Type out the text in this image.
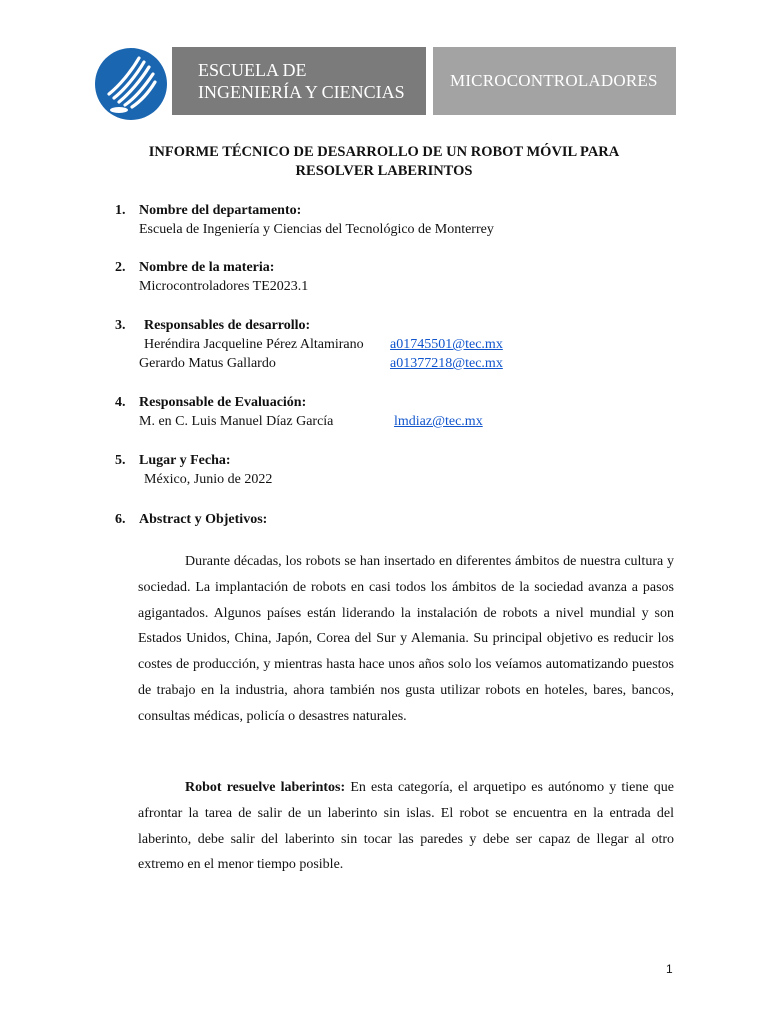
ESCUELA DE
INGENIERÍA Y CIENCIAS
MICROCONTROLADORES
INFORME TÉCNICO DE DESARROLLO DE UN ROBOT MÓVIL PARA
RESOLVER LABERINTOS
1. Nombre del departamento:
Escuela de Ingeniería y Ciencias del Tecnológico de Monterrey
2. Nombre de la materia:
Microcontroladores TE2023.1
3. Responsables de desarrollo:
Heréndira Jacqueline Pérez Altamirano a01745501@tec.mx
Gerardo Matus Gallardo	a01377218@tec.mx
4. Responsable de Evaluación:
M. en C. Luis Manuel Díaz García	lmdiaz@tec.mx
5. Lugar y Fecha:
México, Junio de 2022
6. Abstract y Objetivos:
Durante décadas, los robots se han insertado en diferentes ámbitos de nuestra cultura y sociedad. La implantación de robots en casi todos los ámbitos de la sociedad avanza a pasos agigantados. Algunos países están liderando la instalación de robots a nivel mundial y son Estados Unidos, China, Japón, Corea del Sur y Alemania. Su principal objetivo es reducir los costes de producción, y mientras hasta hace unos años solo los veíamos automatizando puestos de trabajo en la industria, ahora también nos gusta utilizar robots en hoteles, bares, bancos, consultas médicas, policía o desastres naturales.
Robot resuelve laberintos: En esta categoría, el arquetipo es autónomo y tiene que afrontar la tarea de salir de un laberinto sin islas. El robot se encuentra en la entrada del laberinto, debe salir del laberinto sin tocar las paredes y debe ser capaz de llegar al otro extremo en el menor tiempo posible.
1
